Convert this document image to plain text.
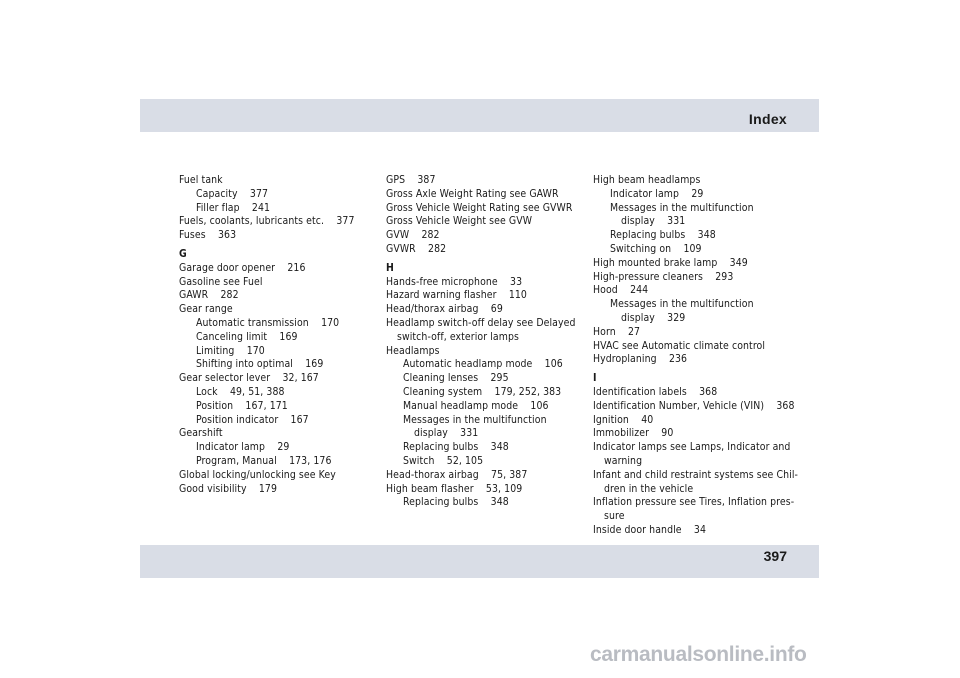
Index
Fuel tank
Capacity    377
Filler flap    241
Fuels, coolants, lubricants etc.    377
Fuses    363
G
Garage door opener    216
Gasoline see Fuel
GAWR    282
Gear range
Automatic transmission    170
Canceling limit    169
Limiting    170
Shifting into optimal    169
Gear selector lever    32, 167
Lock    49, 51, 388
Position    167, 171
Position indicator    167
Gearshift
Indicator lamp    29
Program, Manual    173, 176
Global locking/unlocking see Key
Good visibility    179
GPS    387
Gross Axle Weight Rating see GAWR
Gross Vehicle Weight Rating see GVWR
Gross Vehicle Weight see GVW
GVW    282
GVWR    282
H
Hands-free microphone    33
Hazard warning flasher    110
Head/thorax airbag    69
Headlamp switch-off delay see Delayed
switch-off, exterior lamps
Headlamps
Automatic headlamp mode    106
Cleaning lenses    295
Cleaning system    179, 252, 383
Manual headlamp mode    106
Messages in the multifunction
display    331
Replacing bulbs    348
Switch    52, 105
Head-thorax airbag    75, 387
High beam flasher    53, 109
Replacing bulbs    348
High beam headlamps
Indicator lamp    29
Messages in the multifunction
display    331
Replacing bulbs    348
Switching on    109
High mounted brake lamp    349
High-pressure cleaners    293
Hood    244
Messages in the multifunction
display    329
Horn    27
HVAC see Automatic climate control
Hydroplaning    236
I
Identification labels    368
Identification Number, Vehicle (VIN)    368
Ignition    40
Immobilizer    90
Indicator lamps see Lamps, Indicator and
warning
Infant and child restraint systems see Chil-
dren in the vehicle
Inflation pressure see Tires, Inflation pres-
sure
Inside door handle    34
397
carmanualsonline.info
